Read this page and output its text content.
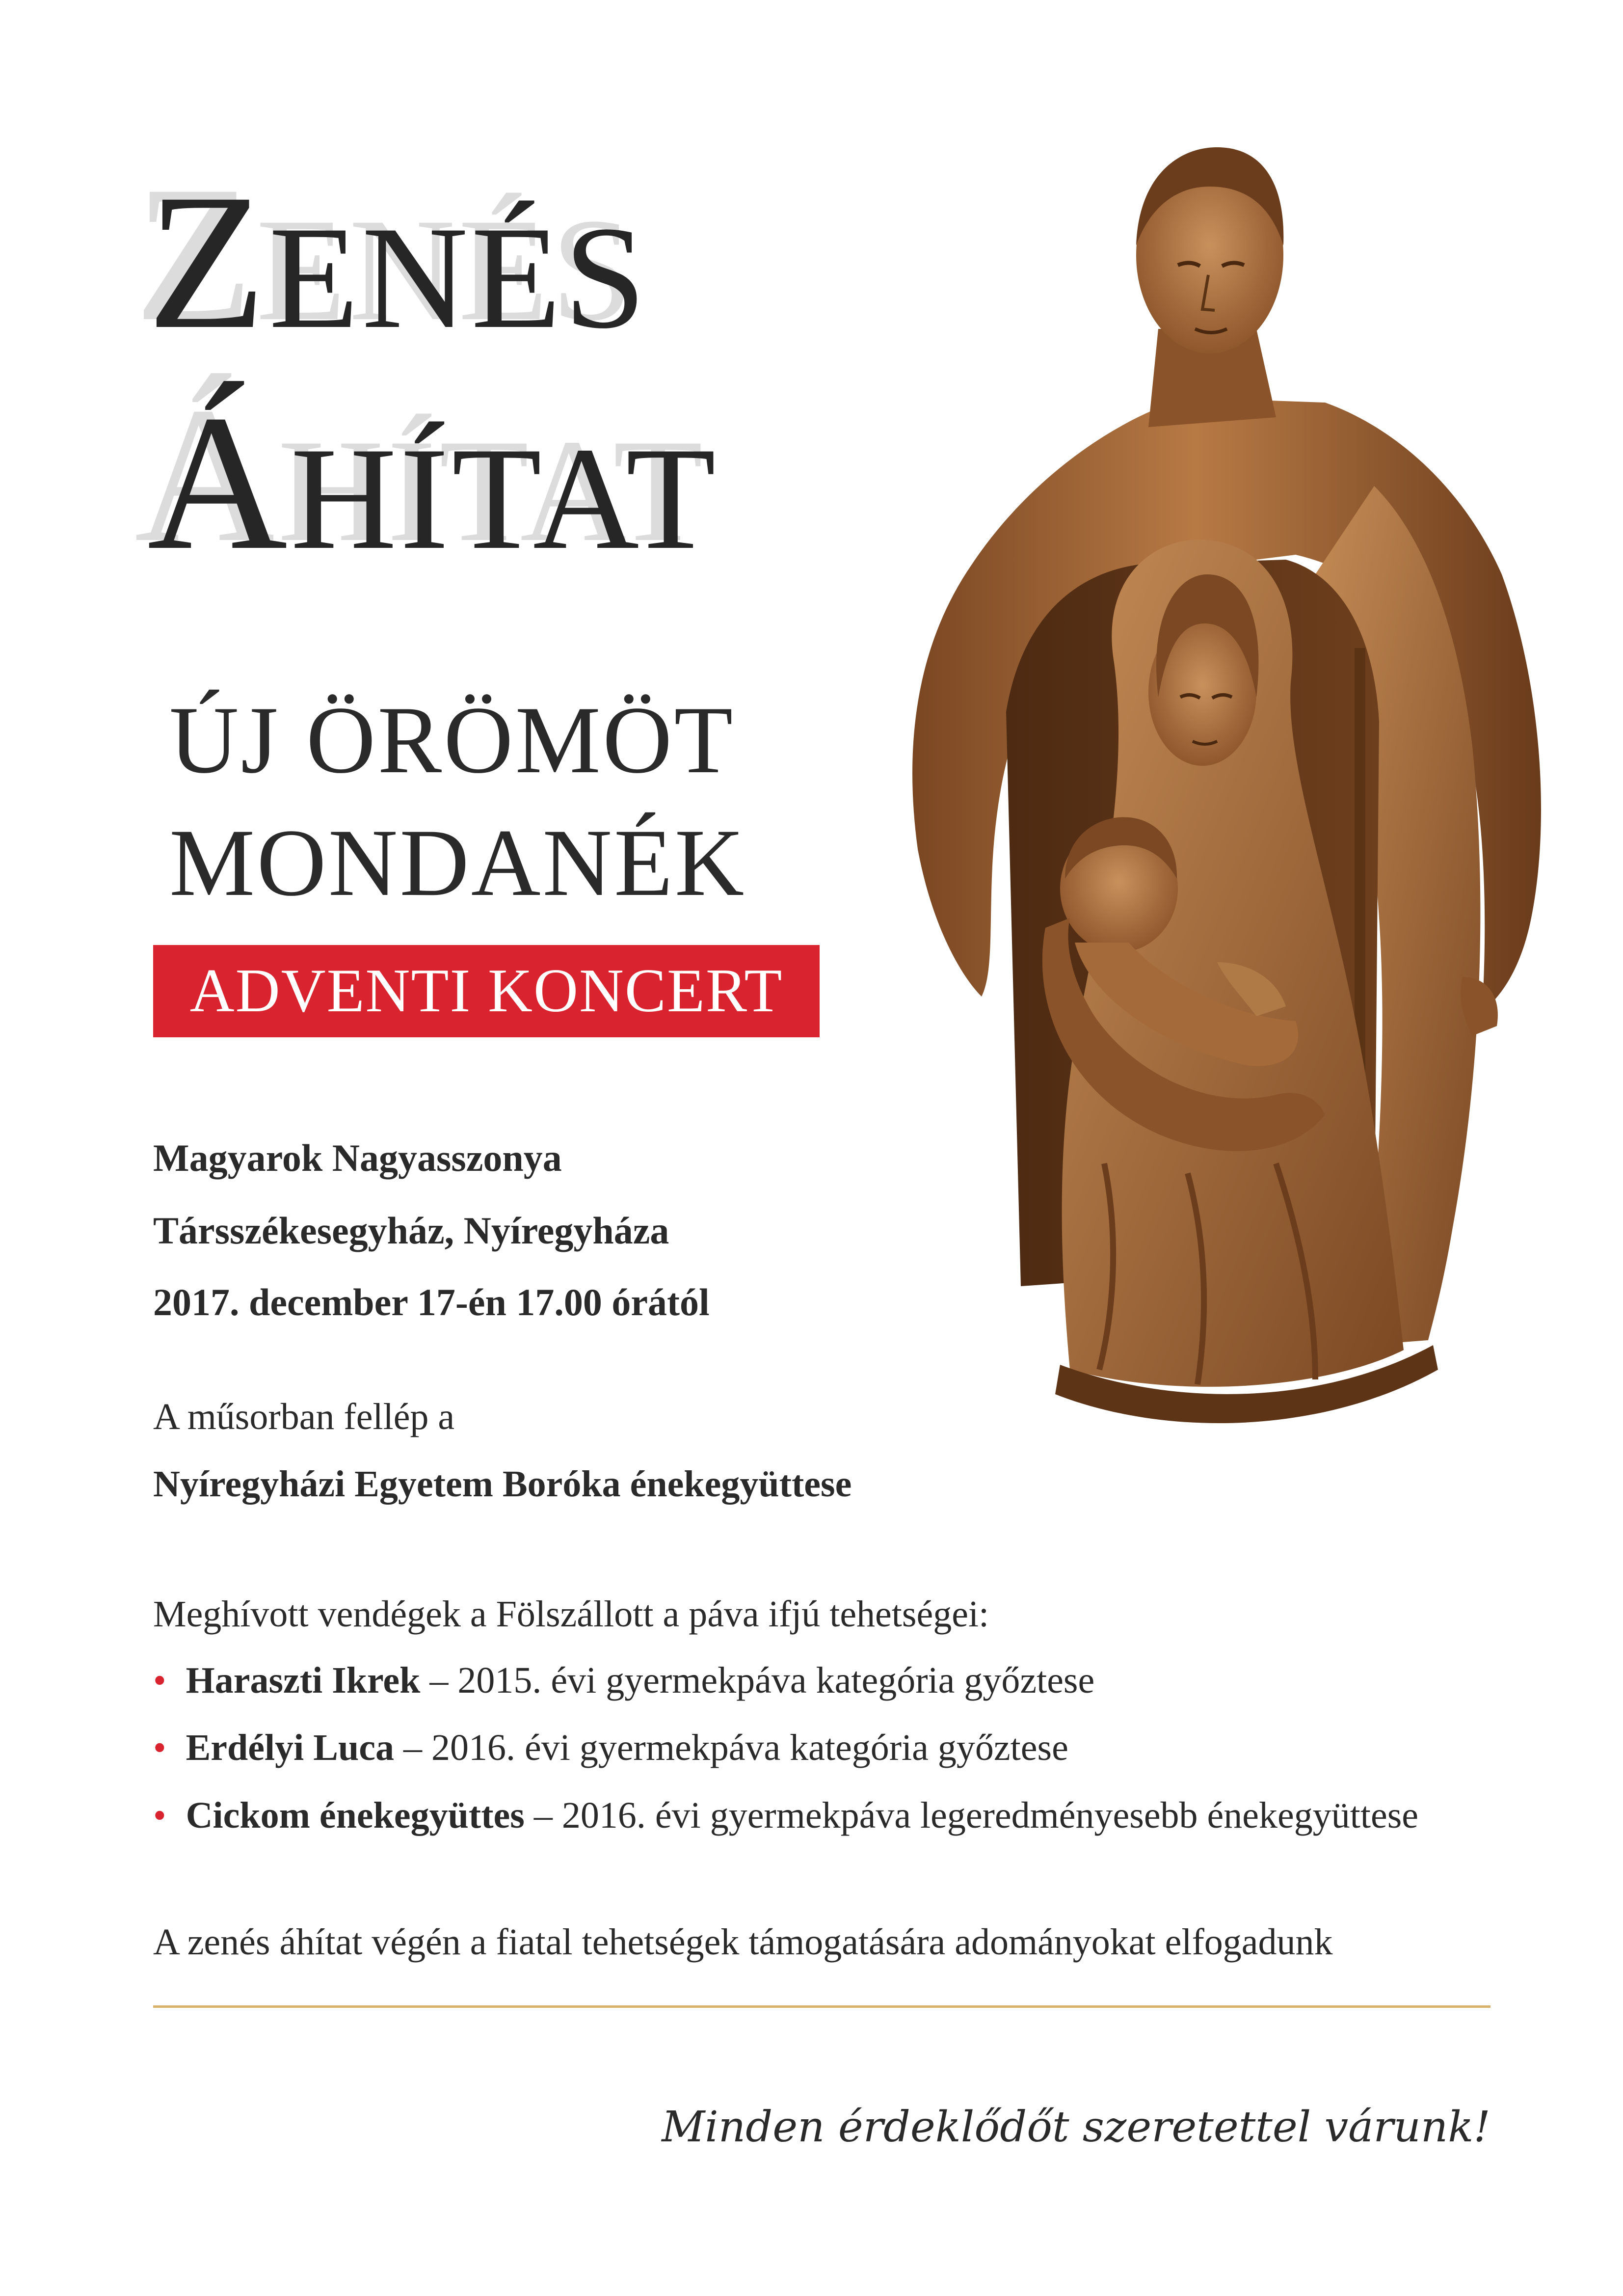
ZENÉS
ÁHÍTAT
ÚJ ÖRÖMÖT
MONDANÉK
ADVENTI KONCERT
Magyarok Nagyasszonya
Társszékesegyház, Nyíregyháza
2017. december 17-én 17.00 órától
A műsorban fellép a
Nyíregyházi Egyetem Boróka énekegyüttese
Meghívott vendégek a Fölszállott a páva ifjú tehetségei:
• Haraszti Ikrek – 2015. évi gyermekpáva kategória győztese
• Erdélyi Luca – 2016. évi gyermekpáva kategória győztese
• Cickom énekegyüttes – 2016. évi gyermekpáva legeredményesebb énekegyüttese
A zenés áhítat végén a fiatal tehetségek támogatására adományokat elfogadunk
Minden érdeklődőt szeretettel várunk!
